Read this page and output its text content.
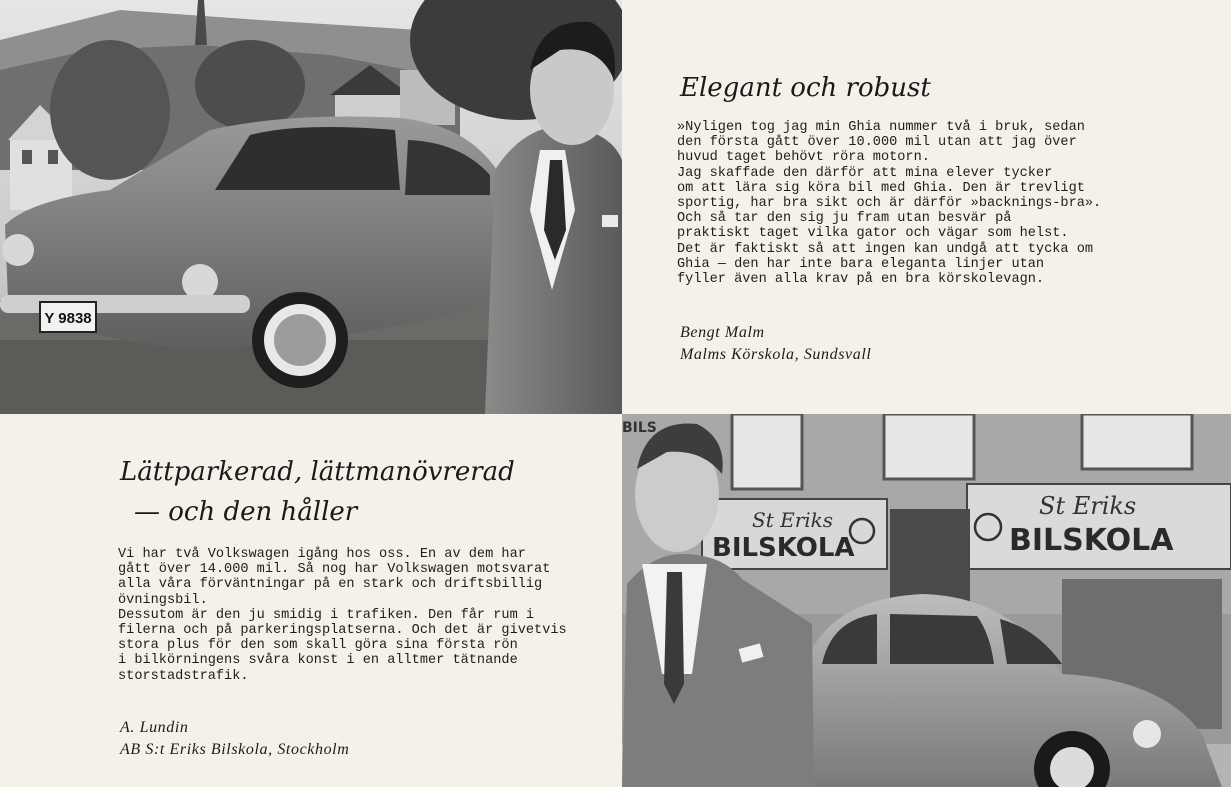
Y 9838
St Eriks
BILSKOLA
St Eriks
BILSKOLA
BILS
Elegant och robust

»Nyligen tog jag min Ghia nummer två i bruk, sedan
den första gått över 10.000 mil utan att jag över
huvud taget behövt röra motorn.
Jag skaffade den därför att mina elever tycker
om att lära sig köra bil med Ghia. Den är trevligt
sportig, har bra sikt och är därför »backnings-bra».
Och så tar den sig ju fram utan besvär på
praktiskt taget vilka gator och vägar som helst.
Det är faktiskt så att ingen kan undgå att tycka om
Ghia — den har inte bara eleganta linjer utan
fyller även alla krav på en bra körskolevagn.

Bengt Malm
Malms Körskola, Sundsvall
Lättparkerad, lättmanövrerad
— och den håller

Vi har två Volkswagen igång hos oss. En av dem har
gått över 14.000 mil. Så nog har Volkswagen motsvarat
alla våra förväntningar på en stark och driftsbillig
övningsbil.
Dessutom är den ju smidig i trafiken. Den får rum i
filerna och på parkeringsplatserna. Och det är givetvis
stora plus för den som skall göra sina första rön
i bilkörningens svåra konst i en alltmer tätnande
storstadstrafik.

A. Lundin
AB S:t Eriks Bilskola, Stockholm
